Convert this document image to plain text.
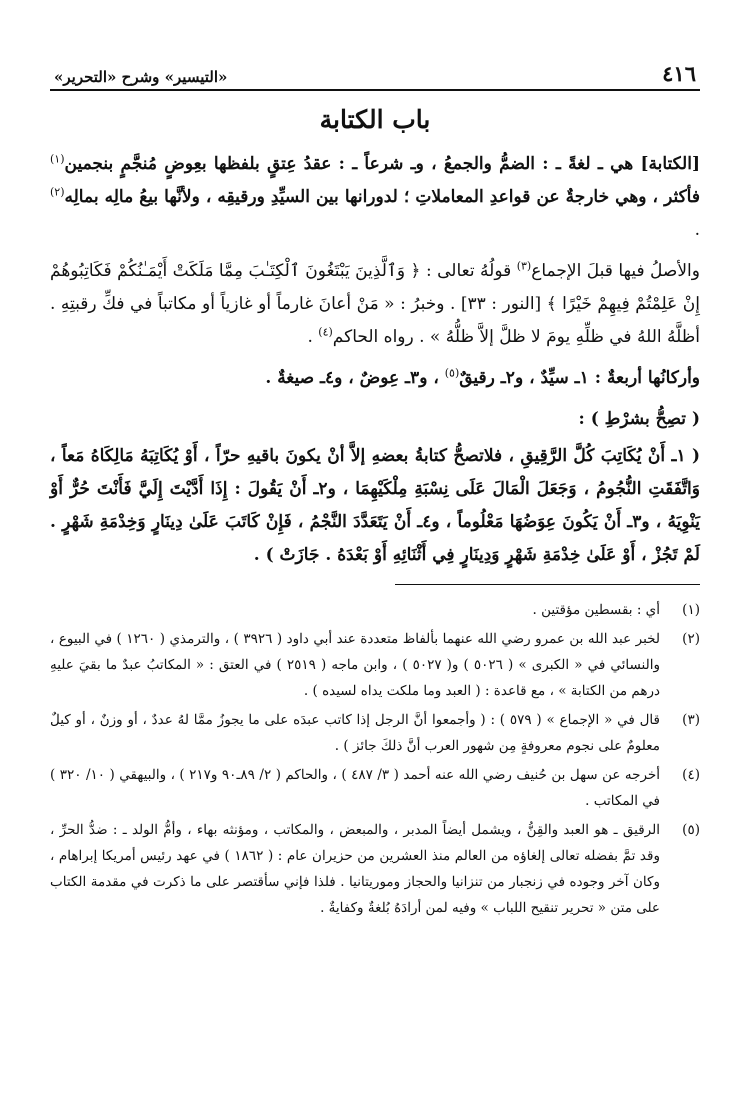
٤١٦
«التيسير» وشرح «التحرير»
باب الكتابة

[الكتابة] هي ـ لغةً ـ : الضمُّ والجمعُ ، وـ شرعاً ـ : عقدُ عِتقٍ بلفظها بعِوضٍ مُنجَّمٍ بنجمين$^{(١)}$ فأكثر ، وهي خارجةٌ عن قواعدِ المعاملاتِ ؛ لدورانها بين السيِّدِ ورقيقِه ، ولأنَّها بيعُ مالِه بمالِه$^{(٢)}$ .

والأصلُ فيها قبلَ الإجماع$^{(٣)}$ قولُهُ تعالى : ﴿ وَٱلَّذِينَ يَبْتَغُونَ ٱلْكِتَـٰبَ مِمَّا مَلَكَتْ أَيْمَـٰنُكُمْ فَكَاتِبُوهُمْ إِنْ عَلِمْتُمْ فِيهِمْ خَيْرًا ﴾ [النور : ٣٣] . وخبرُ : « مَنْ أعانَ غارماً أو غازياً أو مكاتباً في فكِّ رقبتِهِ . أظلَّهُ اللهُ في ظلِّهِ يومَ لا ظلَّ إلاَّ ظلُّهُ » . رواه الحاكم$^{(٤)}$ .

وأركانُها أربعةٌ : ١ـ سيِّدٌ ، و٢ـ رقيقٌ$^{(٥)}$ ، و٣ـ عِوضٌ ، و٤ـ صيغةٌ .

( تصِحُّ بشرْطِ ) :

( ١ـ أَنْ يُكَاتِبَ كُلَّ الرَّقِيقِ ، فلاتصحُّ كتابةُ بعضهِ إلاَّ أنْ يكونَ باقيهِ حرّاً ، أَوْ يُكَاتِبَهُ مَالِكَاهُ مَعاً ، وَاتَّفَقَتِ النُّجُومُ ، وَجَعَلَ الْمَالَ عَلَى نِسْبَةِ مِلْكَيْهِمَا ، و٢ـ أَنْ يَقُولَ : إِذَا أَدَّيْتَ إِلَيَّ فَأَنْتَ حُرٌّ أَوْ يَنْوِيَهُ ، و٣ـ أَنْ يَكُونَ عِوَضُهَا مَعْلُوماً ، و٤ـ أَنْ يَتَعَدَّدَ النَّجْمُ ، فَإِنْ كَاتَبَ عَلَىٰ دِينَارٍ وَخِدْمَةِ شَهْرٍ . لَمْ تَجُزْ ، أَوْ عَلَىٰ خِدْمَةِ شَهْرٍ وَدِينَارٍ فِي أَثْنَائِهِ أَوْ بَعْدَهُ . جَازَتْ ) .

(١)
أي : بقسطين مؤقتين .
(٢)
لخبر عبد الله بن عمرو رضي الله عنهما بألفاظ متعددة عند أبي داود ( ٣٩٢٦ ) ، والترمذي ( ١٢٦٠ ) في البيوع ، والنسائي في « الكبرى » ( ٥٠٢٦ ) و( ٥٠٢٧ ) ، وابن ماجه ( ٢٥١٩ ) في العتق : « المكاتبُ عبدٌ ما بقيَ عليهِ درهم من الكتابة » ، مع قاعدة : ( العبد وما ملكت يداه لسيده ) .
(٣)
قال في « الإجماع » ( ٥٧٩ ) : ( وأجمعوا أنَّ الرجل إذا كاتب عبدَه على ما يجوزُ ممَّا لهُ عددٌ ، أو وزنٌ ، أو كيلٌ معلومٌ على نجوم معروفةٍ مِن شهور العرب أنَّ ذلكَ جائز ) .
(٤)
أخرجه عن سهل بن حُنيف رضي الله عنه أحمد ( ٣/ ٤٨٧ ) ، والحاكم ( ٢/ ٨٩ـ٩٠ و٢١٧ ) ، والبيهقي ( ١٠/ ٣٢٠ ) في المكاتب .
(٥)
الرقيق ـ هو العبد والقِنُّ ، ويشمل أيضاً المدبر ، والمبعض ، والمكاتب ، ومؤنثه بهاء ، وأمُّ الولد ـ : ضدُّ الحرِّ ، وقد تمَّ بفضله تعالى إلغاؤه من العالم منذ العشرين من حزيران عام : ( ١٨٦٢ ) في عهد رئيس أمريكا إبراهام ، وكان آخر وجوده في زنجبار من تنزانيا والحجاز وموريتانيا . فلذا فإني سأقتصر على ما ذكرت في مقدمة الكتاب على متن « تحرير تنقيح اللباب » وفيه لمن أرادَهُ بُلغةٌ وكفايةٌ .
